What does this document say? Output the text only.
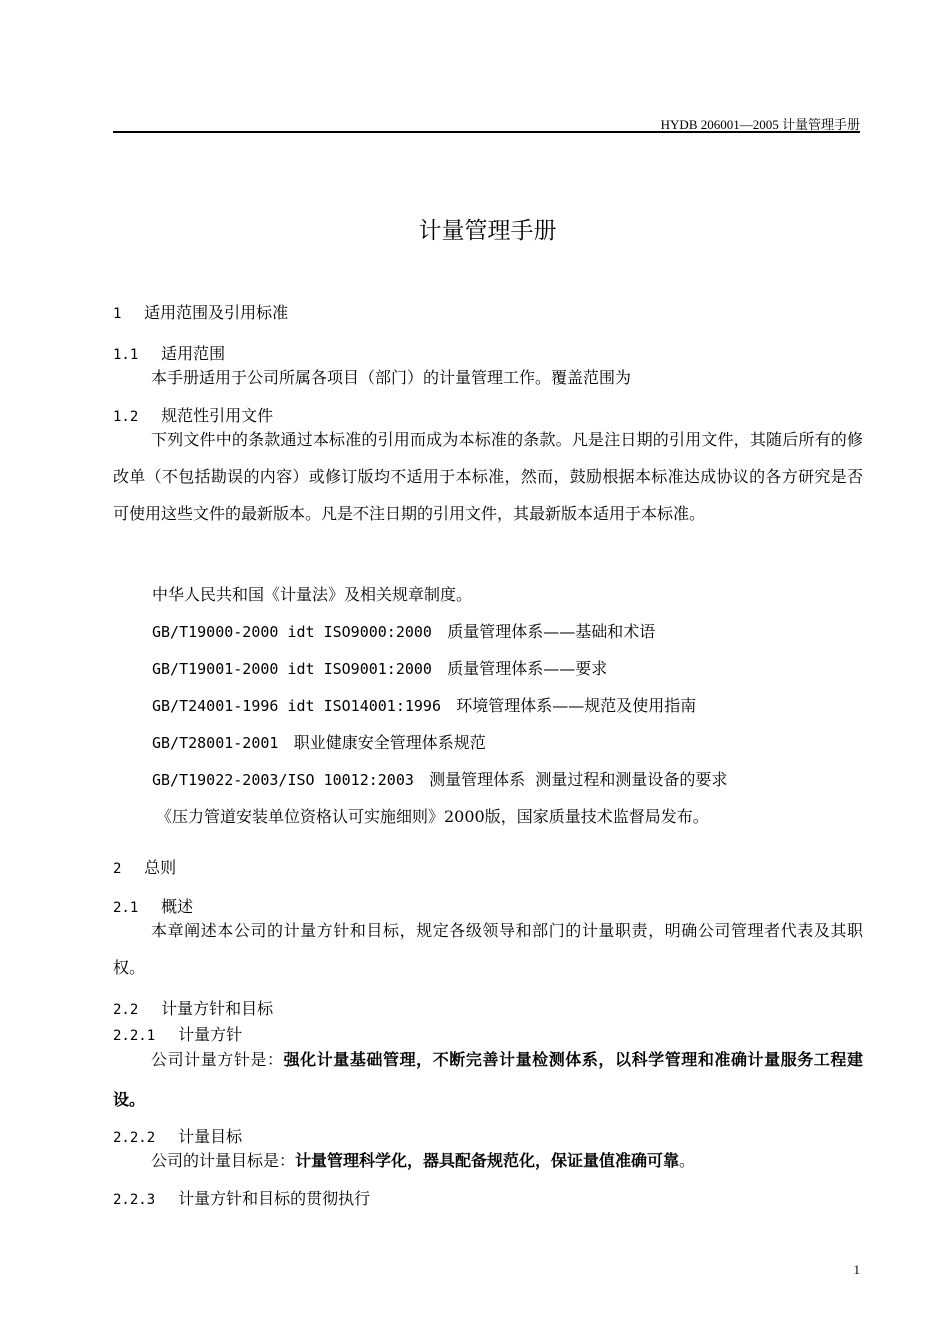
HYDB 206001—2005 计量管理手册
计量管理手册
1 适用范围及引用标准
1.1 适用范围
本手册适用于公司所属各项目（部门）的计量管理工作。覆盖范围为
1.2 规范性引用文件
下列文件中的条款通过本标准的引用而成为本标准的条款。凡是注日期的引用文件，其随后所有的修改单（不包括勘误的内容）或修订版均不适用于本标准，然而，鼓励根据本标准达成协议的各方研究是否可使用这些文件的最新版本。凡是不注日期的引用文件，其最新版本适用于本标准。
中华人民共和国《计量法》及相关规章制度。
GB/T19000-2000 idt ISO9000:2000 质量管理体系——基础和术语
GB/T19001-2000 idt ISO9001:2000 质量管理体系——要求
GB/T24001-1996 idt ISO14001:1996 环境管理体系——规范及使用指南
GB/T28001-2001 职业健康安全管理体系规范
GB/T19022-2003/ISO 10012:2003 测量管理体系  测量过程和测量设备的要求
《压力管道安装单位资格认可实施细则》2000版，国家质量技术监督局发布。
2 总则
2.1 概述
本章阐述本公司的计量方针和目标，规定各级领导和部门的计量职责，明确公司管理者代表及其职权。
2.2 计量方针和目标
2.2.1 计量方针
公司计量方针是：强化计量基础管理，不断完善计量检测体系，以科学管理和准确计量服务工程建设。
2.2.2 计量目标
公司的计量目标是：计量管理科学化，器具配备规范化，保证量值准确可靠。
2.2.3 计量方针和目标的贯彻执行
1
